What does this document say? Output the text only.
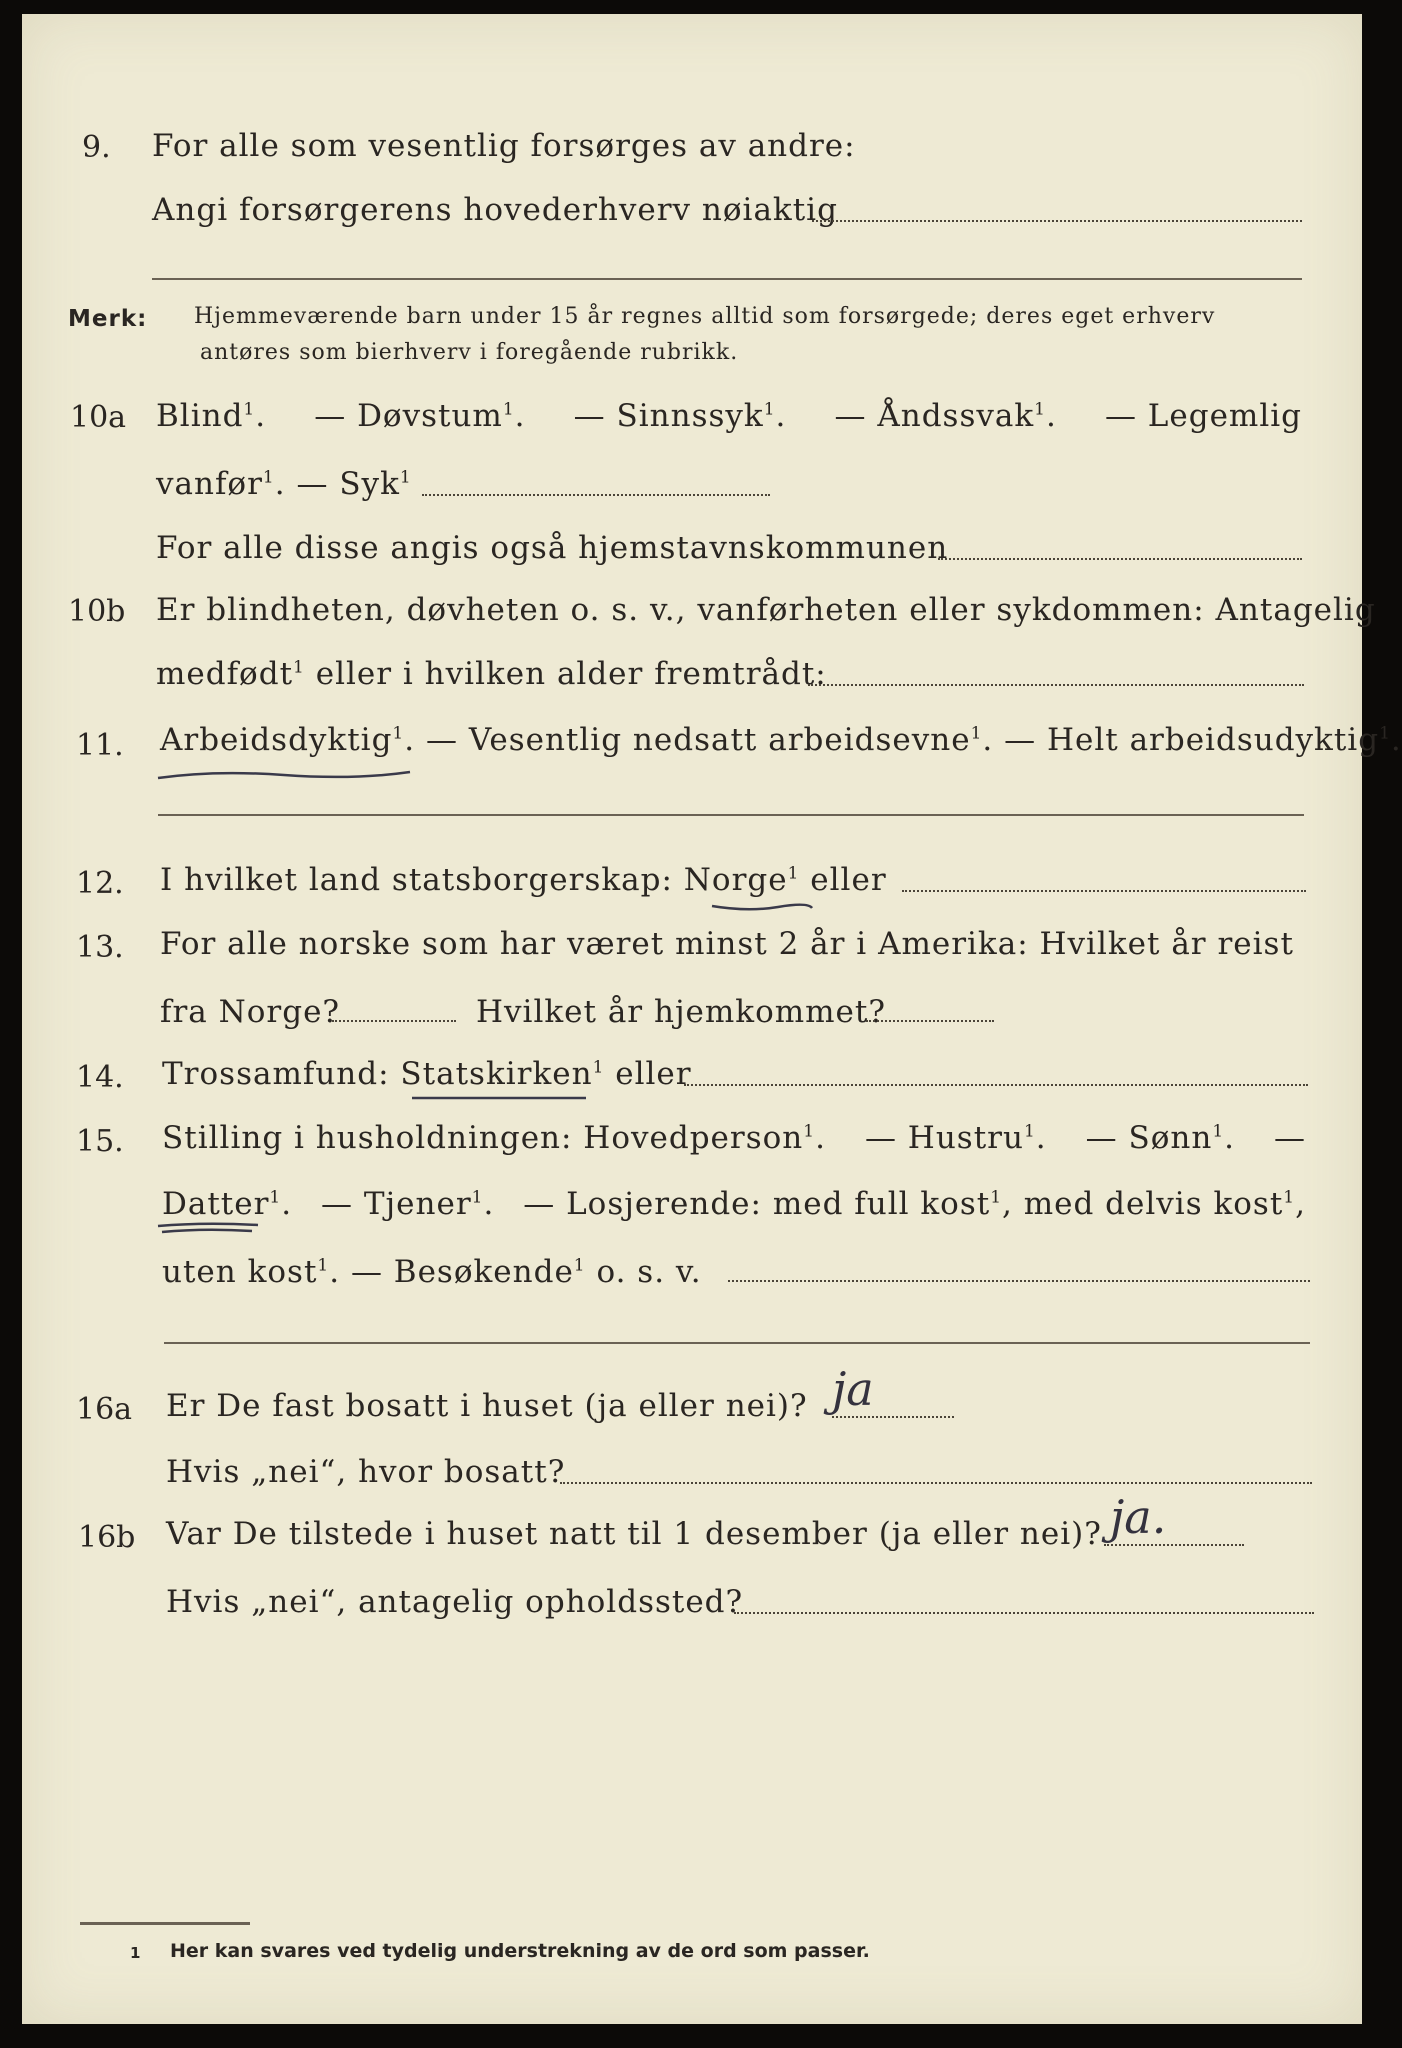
9. For alle som vesentlig forsørges av andre:
Angi forsørgerens hovederhverv nøiaktig
Merk: Hjemmeværende barn under 15 år regnes alltid som forsørgede; deres eget erhverv
antøres som bierhverv i foregående rubrikk.
10a Blind$^1$. — Døvstum$^1$. — Sinnssyk$^1$. — Åndssvak$^1$. — Legemlig
vanfør$^1$. — Syk$^1$
For alle disse angis også hjemstavnskommunen
10b Er blindheten, døvheten o. s. v., vanførheten eller sykdommen: Antagelig
medfødt$^1$ eller i hvilken alder fremtrådt:
11. Arbeidsdyktig$^1$. — Vesentlig nedsatt arbeidsevne$^1$. — Helt arbeidsudyktig$^1$.
12. I hvilket land statsborgerskap: Norge$^1$ eller
13. For alle norske som har været minst 2 år i Amerika: Hvilket år reist
fra Norge?	Hvilket år hjemkommet?
14. Trossamfund: Statskirken$^1$ eller
15. Stilling i husholdningen: Hovedperson$^1$. — Hustru$^1$. — Sønn$^1$. —
Datter$^1$. — Tjener$^1$. — Losjerende: med full kost$^1$, med delvis kost$^1$,
uten kost$^1$. — Besøkende$^1$ o. s. v.
16a Er De fast bosatt i huset (ja eller nei)? ja
Hvis „nei“, hvor bosatt?
16b Var De tilstede i huset natt til 1 desember (ja eller nei)? ja.
Hvis „nei“, antagelig opholdssted?
1 Her kan svares ved tydelig understrekning av de ord som passer.
